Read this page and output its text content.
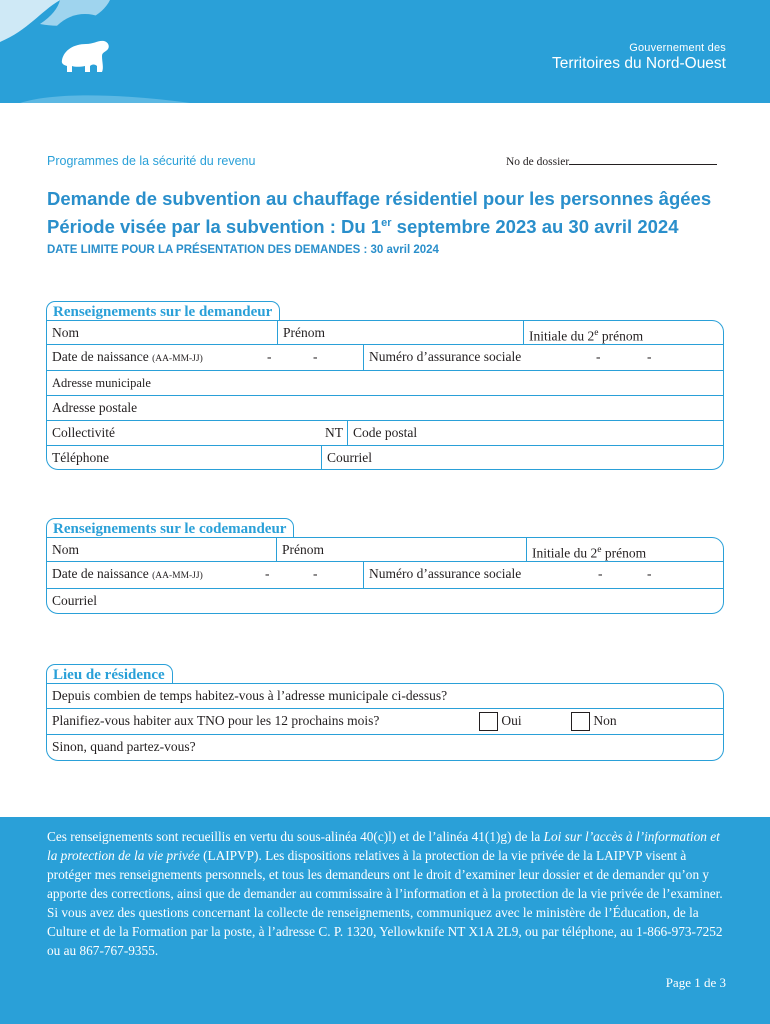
Gouvernement des
Territoires du Nord-Ouest
Programmes de la sécurité du revenu	No de dossier
Demande de subvention au chauffage résidentiel pour les personnes âgées
Période visée par la subvention : Du 1er septembre 2023 au 30 avril 2024
DATE LIMITE POUR LA PRÉSENTATION DES DEMANDES : 30 avril 2024
Renseignements sur le demandeur
Nom	Prénom	Initiale du 2e prénom
Date de naissance (AA-MM-JJ)	-	-	Numéro d’assurance sociale	-	-
Adresse municipale
Adresse postale
Collectivité	NT Code postal
Téléphone	Courriel
Renseignements sur le codemandeur
Nom	Prénom	Initiale du 2e prénom
Date de naissance (AA-MM-JJ)	-	-	Numéro d’assurance sociale	-	-
Courriel
Lieu de résidence
Depuis combien de temps habitez-vous à l’adresse municipale ci-dessus?
Planifiez-vous habiter aux TNO pour les 12 prochains mois?	Oui	Non
Sinon, quand partez-vous?
Ces renseignements sont recueillis en vertu du sous-alinéa 40(c)l) et de l’alinéa 41(1)g) de la Loi sur l’accès à l’information et la protection de la vie privée (LAIPVP). Les dispositions relatives à la protection de la vie privée de la LAIPVP visent à protéger mes renseignements personnels, et tous les demandeurs ont le droit d’examiner leur dossier et de demander qu’on y apporte des corrections, ainsi que de demander au commissaire à l’information et à la protection de la vie privée de l’examiner. Si vous avez des questions concernant la collecte de renseignements, communiquez avec le ministère de l’Éducation, de la Culture et de la Formation par la poste, à l’adresse C. P. 1320, Yellowknife NT X1A 2L9, ou par téléphone, au 1-866-973-7252 ou au 867-767-9355.
Page 1 de 3
